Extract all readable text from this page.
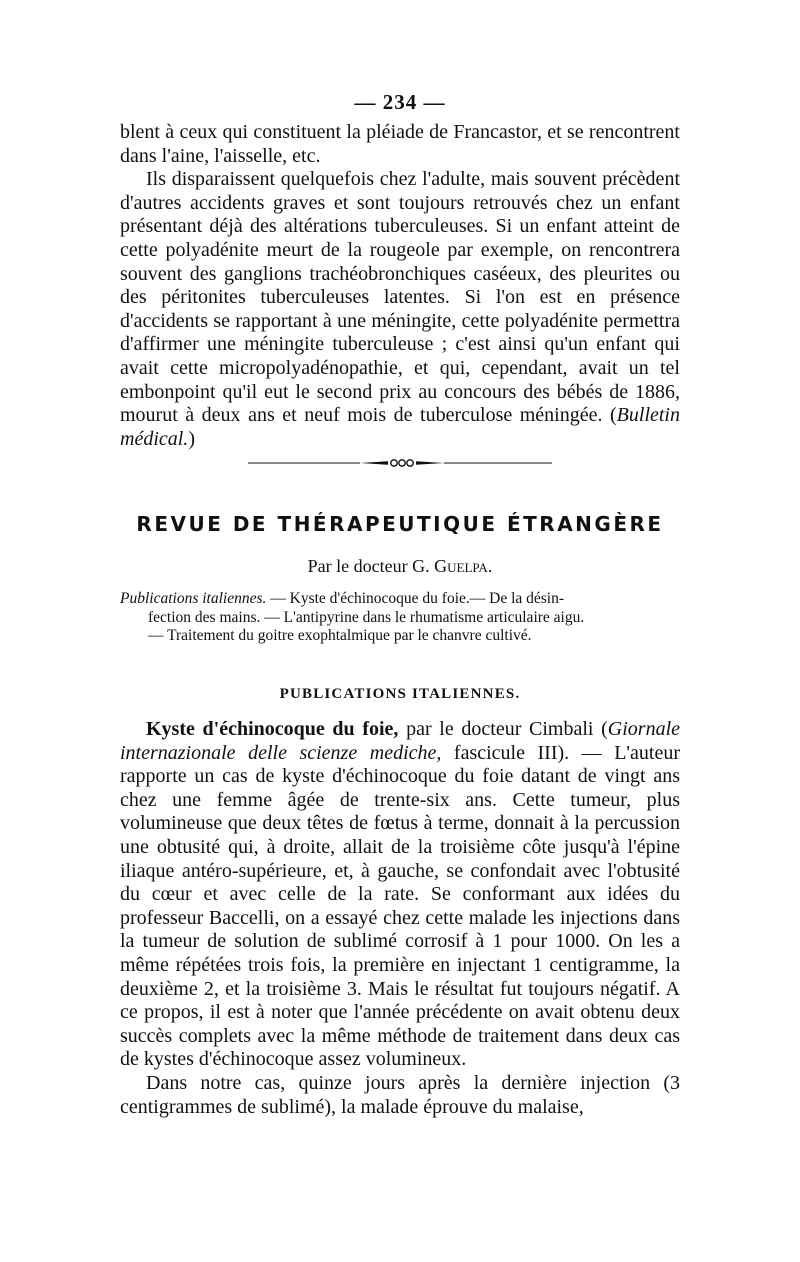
— 234 —

blent à ceux qui constituent la pléiade de Francastor, et se rencontrent dans l'aine, l'aisselle, etc.

Ils disparaissent quelquefois chez l'adulte, mais souvent précèdent d'autres accidents graves et sont toujours retrouvés chez un enfant présentant déjà des altérations tuberculeuses. Si un enfant atteint de cette polyadénite meurt de la rougeole par exemple, on rencontrera souvent des ganglions trachéobronchiques caséeux, des pleurites ou des péritonites tuberculeuses latentes. Si l'on est en présence d'accidents se rapportant à une méningite, cette polyadénite permettra d'affirmer une méningite tuberculeuse ; c'est ainsi qu'un enfant qui avait cette micropolyadénopathie, et qui, cependant, avait un tel embonpoint qu'il eut le second prix au concours des bébés de 1886, mourut à deux ans et neuf mois de tuberculose méningée. (Bulletin médical.)

REVUE DE THÉRAPEUTIQUE ÉTRANGÈRE
Par le docteur G. Guelpa.

Publications italiennes. — Kyste d'échinocoque du foie.— De la désin-
fection des mains. — L'antipyrine dans le rhumatisme articulaire aigu.
— Traitement du goitre exophtalmique par le chanvre cultivé.

PUBLICATIONS ITALIENNES.

Kyste d'échinocoque du foie, par le docteur Cimbali (Giornale internazionale delle scienze mediche, fascicule III). — L'auteur rapporte un cas de kyste d'échinocoque du foie datant de vingt ans chez une femme âgée de trente-six ans. Cette tumeur, plus volumineuse que deux têtes de fœtus à terme, donnait à la percussion une obtusité qui, à droite, allait de la troisième côte jusqu'à l'épine iliaque antéro-supérieure, et, à gauche, se confondait avec l'obtusité du cœur et avec celle de la rate. Se conformant aux idées du professeur Baccelli, on a essayé chez cette malade les injections dans la tumeur de solution de sublimé corrosif à 1 pour 1000. On les a même répétées trois fois, la première en injectant 1 centigramme, la deuxième 2, et la troisième 3. Mais le résultat fut toujours négatif. A ce propos, il est à noter que l'année précédente on avait obtenu deux succès complets avec la même méthode de traitement dans deux cas de kystes d'échinocoque assez volumineux.

Dans notre cas, quinze jours après la dernière injection (3 centigrammes de sublimé), la malade éprouve du malaise,
